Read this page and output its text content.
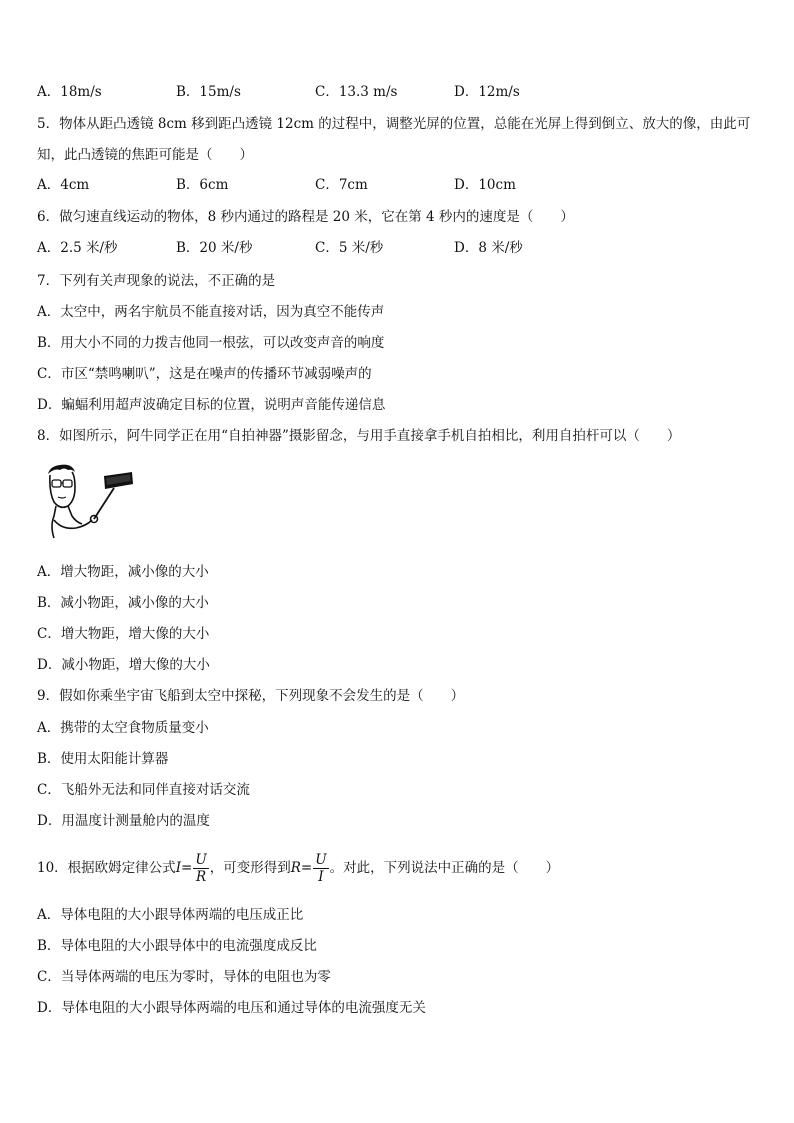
A．18m/s	B．15m/s	C．13.3 m/s	D．12m/s
5．物体从距凸透镜 8cm 移到距凸透镜 12cm 的过程中，调整光屏的位置，总能在光屏上得到倒立、放大的像，由此可
知，此凸透镜的焦距可能是（　　）
A．4cm	B．6cm	C．7cm	D．10cm
6．做匀速直线运动的物体，8 秒内通过的路程是 20 米，它在第 4 秒内的速度是（　　）
A．2.5 米/秒	B．20 米/秒	C．5 米/秒	D．8 米/秒
7．下列有关声现象的说法，不正确的是
A．太空中，两名宇航员不能直接对话，因为真空不能传声
B．用大小不同的力拨吉他同一根弦，可以改变声音的响度
C．市区“禁鸣喇叭”，这是在噪声的传播环节减弱噪声的
D．蝙蝠利用超声波确定目标的位置，说明声音能传递信息
8．如图所示，阿牛同学正在用“自拍神器”摄影留念，与用手直接拿手机自拍相比，利用自拍杆可以（　　）
A．增大物距，减小像的大小
B．减小物距，减小像的大小
C．增大物距，增大像的大小
D．减小物距，增大像的大小
9．假如你乘坐宇宙飞船到太空中探秘，下列现象不会发生的是（　　）
A．携带的太空食物质量变小
B．使用太阳能计算器
C．飞船外无法和同伴直接对话交流
D．用温度计测量舱内的温度
10．根据欧姆定律公式$I= \frac{U}{R}$ ，可变形得到$R= \frac{U}{I}$ 。对此，下列说法中正确的是（　　）
A．导体电阻的大小跟导体两端的电压成正比
B．导体电阻的大小跟导体中的电流强度成反比
C．当导体两端的电压为零时，导体的电阻也为零
D．导体电阻的大小跟导体两端的电压和通过导体的电流强度无关
